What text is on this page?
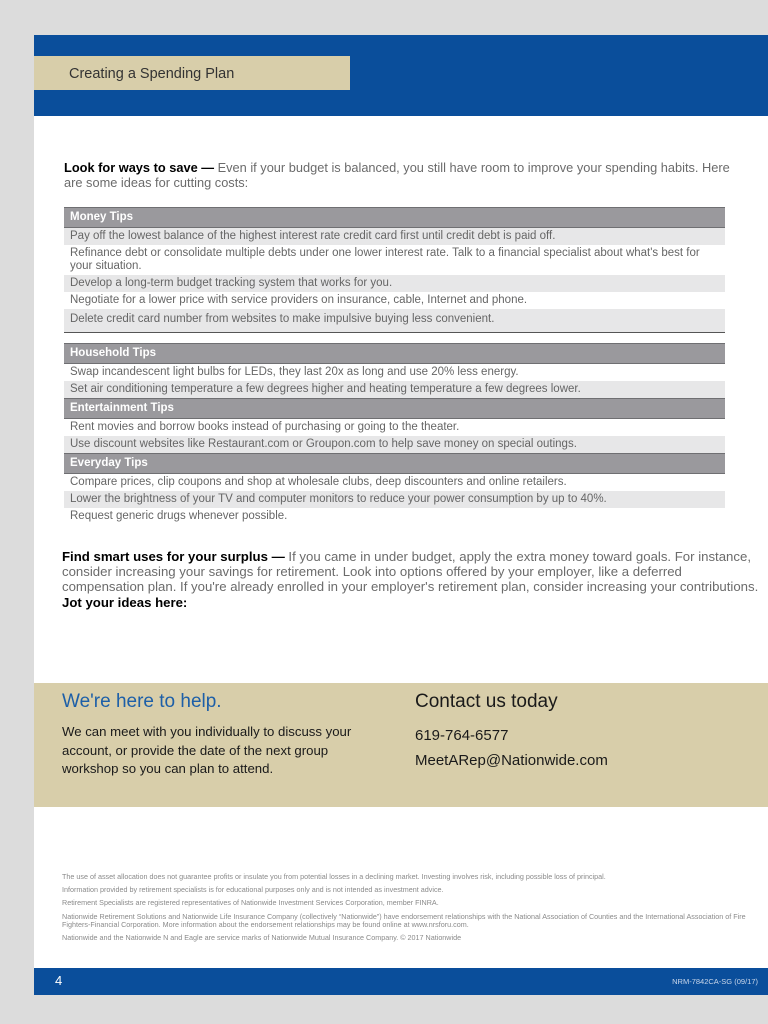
Creating a Spending Plan
Look for ways to save — Even if your budget is balanced, you still have room to improve your spending habits. Here are some ideas for cutting costs:
Money Tips
Pay off the lowest balance of the highest interest rate credit card first until credit debt is paid off.
Refinance debt or consolidate multiple debts under one lower interest rate. Talk to a financial specialist about what's best for your situation.
Develop a long-term budget tracking system that works for you.
Negotiate for a lower price with service providers on insurance, cable, Internet and phone.
Delete credit card number from websites to make impulsive buying less convenient.
Household Tips
Swap incandescent light bulbs for LEDs, they last 20x as long and use 20% less energy.
Set air conditioning temperature a few degrees higher and heating temperature a few degrees lower.
Entertainment Tips
Rent movies and borrow books instead of purchasing or going to the theater.
Use discount websites like Restaurant.com or Groupon.com to help save money on special outings.
Everyday Tips
Compare prices, clip coupons and shop at wholesale clubs, deep discounters and online retailers.
Lower the brightness of your TV and computer monitors to reduce your power consumption by up to 40%.
Request generic drugs whenever possible.
Find smart uses for your surplus — If you came in under budget, apply the extra money toward goals. For instance, consider increasing your savings for retirement. Look into options offered by your employer, like a deferred compensation plan. If you're already enrolled in your employer's retirement plan, consider increasing your contributions. Jot your ideas here:
We're here to help.
We can meet with you individually to discuss your account, or provide the date of the next group workshop so you can plan to attend.
Contact us today
619-764-6577
MeetARep@Nationwide.com

The use of asset allocation does not guarantee profits or insulate you from potential losses in a declining market. Investing involves risk, including possible loss of principal.

Information provided by retirement specialists is for educational purposes only and is not intended as investment advice.

Retirement Specialists are registered representatives of Nationwide Investment Services Corporation, member FINRA.

Nationwide Retirement Solutions and Nationwide Life Insurance Company (collectively “Nationwide”) have endorsement relationships with the National Association of Counties and the International Association of Fire Fighters-Financial Corporation. More information about the endorsement relationships may be found online at www.nrsforu.com.

Nationwide and the Nationwide N and Eagle are service marks of Nationwide Mutual Insurance Company. © 2017 Nationwide

4	NRM-7842CA-SG (09/17)
